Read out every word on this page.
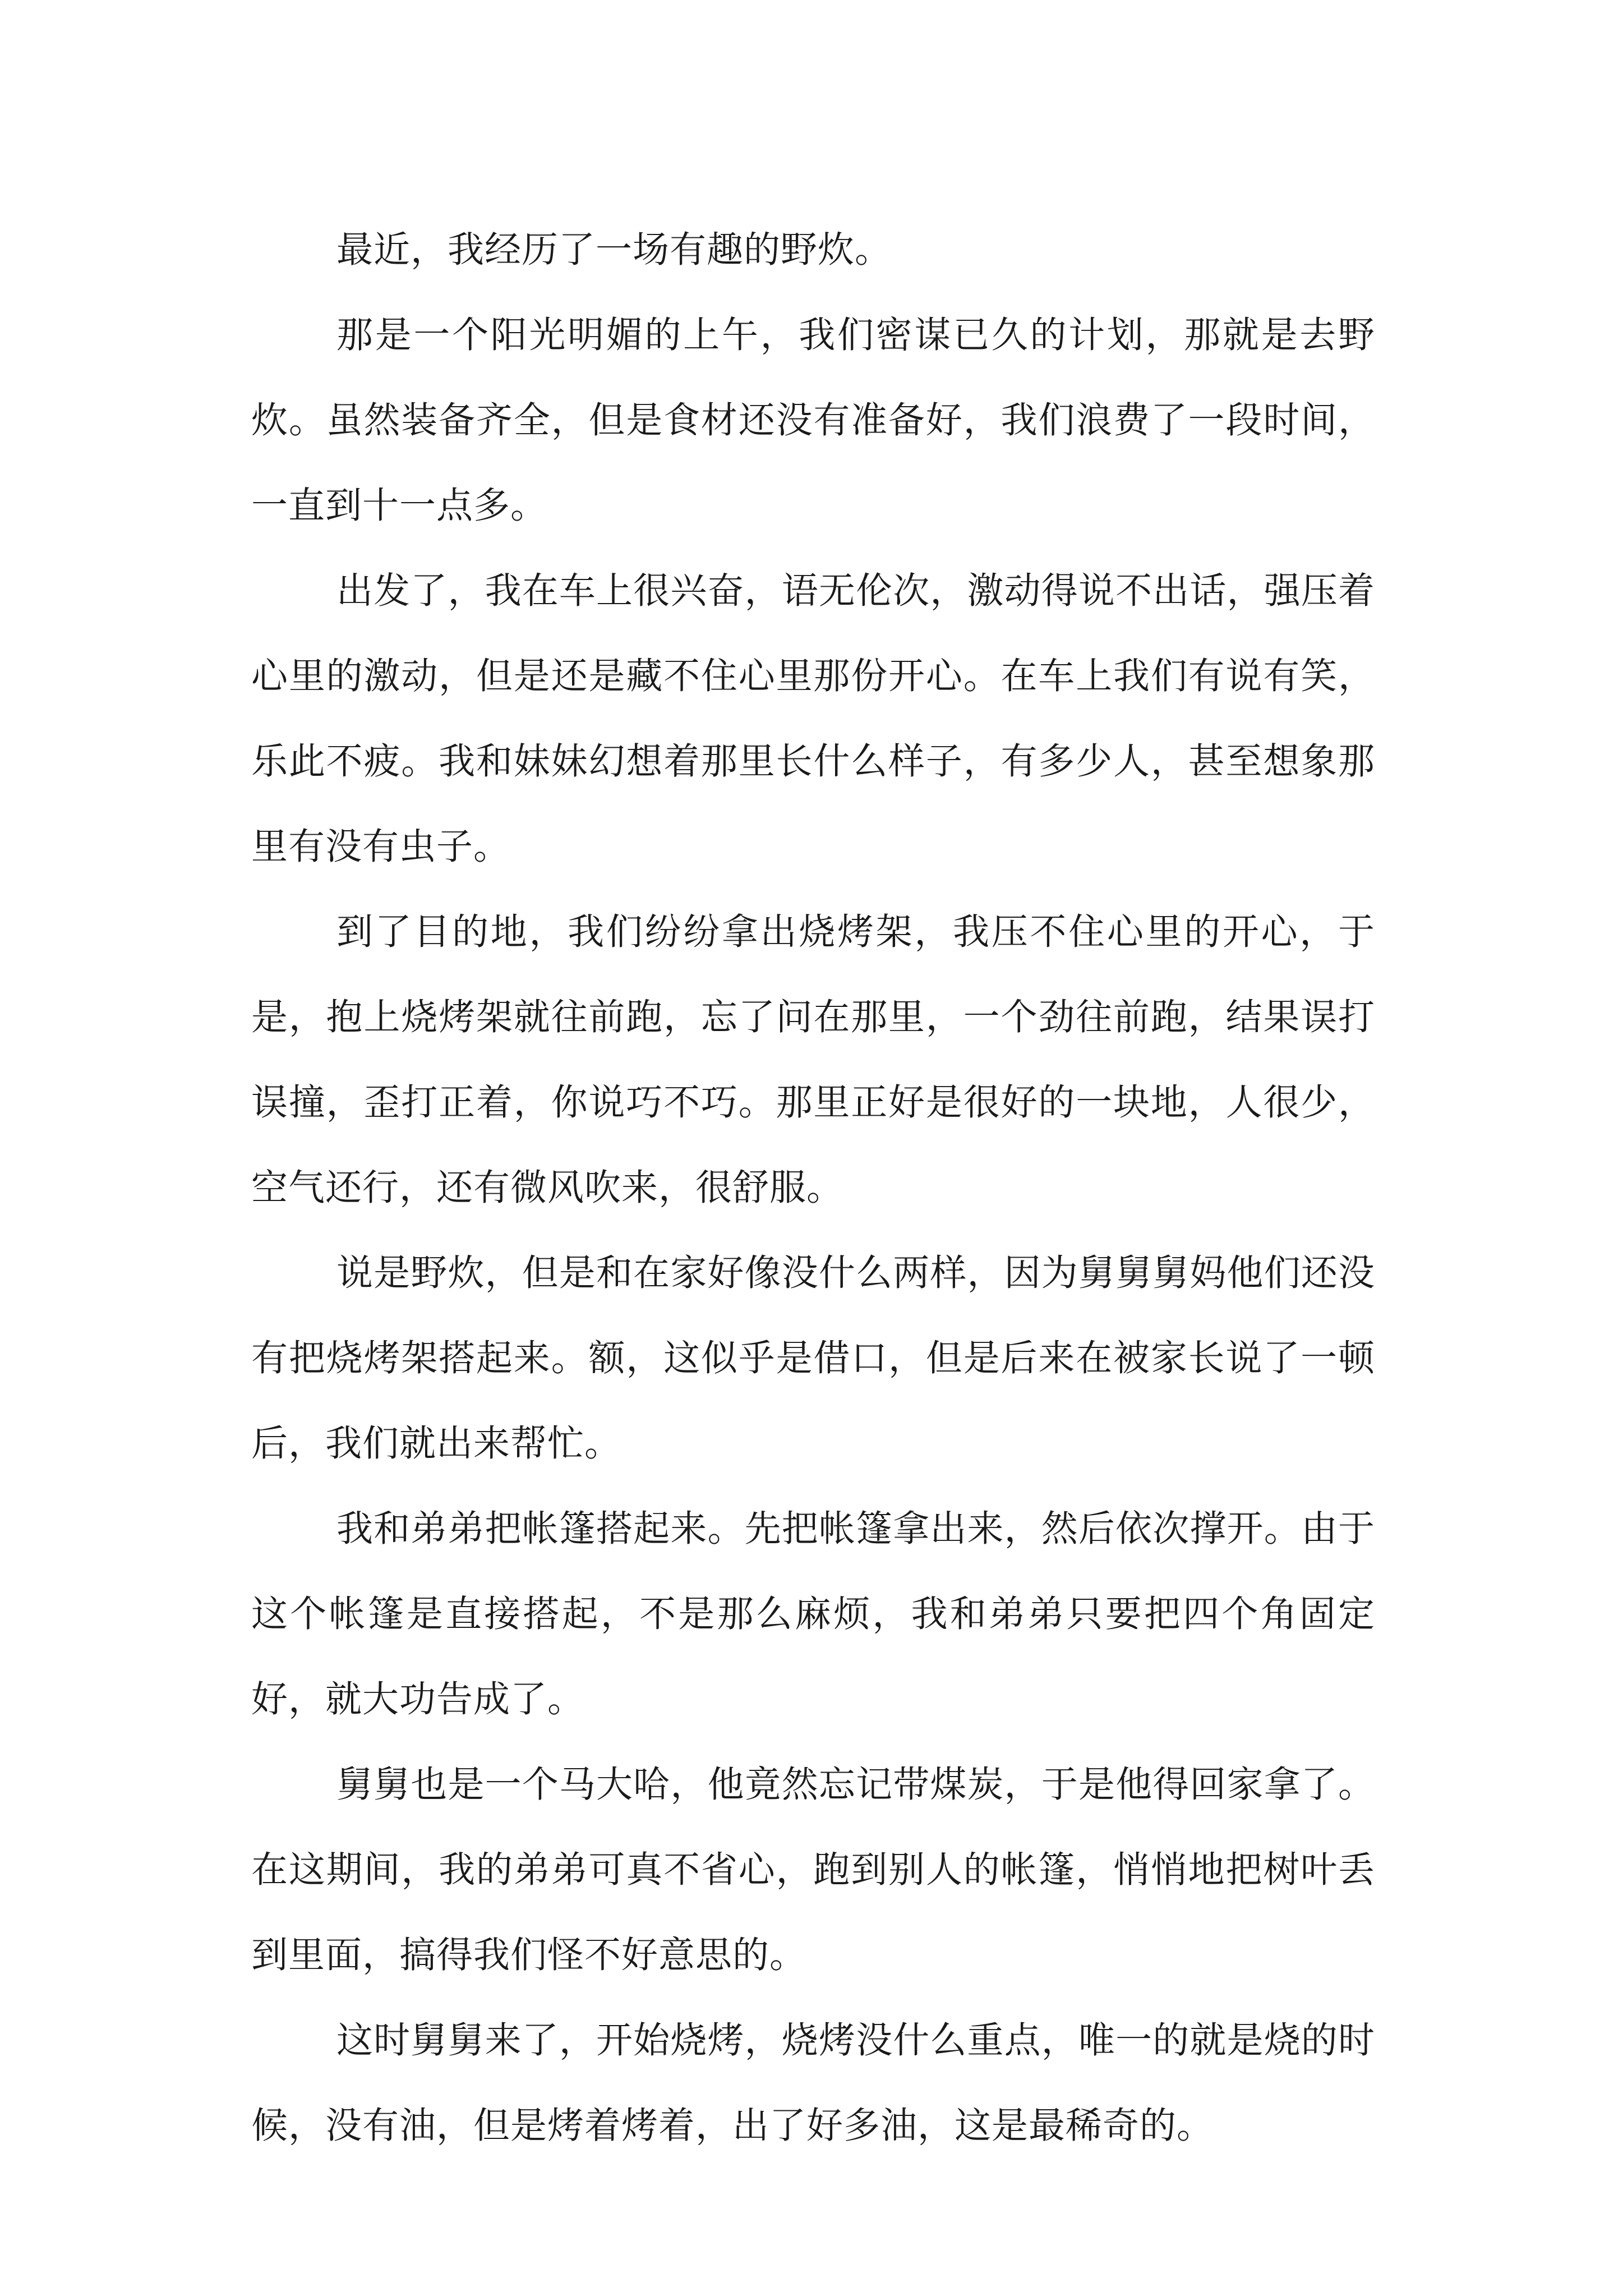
最近，我经历了一场有趣的野炊。

那是一个阳光明媚的上午，我们密谋已久的计划，那就是去野炊。虽然装备齐全，但是食材还没有准备好，我们浪费了一段时间，一直到十一点多。

出发了，我在车上很兴奋，语无伦次，激动得说不出话，强压着心里的激动，但是还是藏不住心里那份开心。在车上我们有说有笑，乐此不疲。我和妹妹幻想着那里长什么样子，有多少人，甚至想象那里有没有虫子。

到了目的地，我们纷纷拿出烧烤架，我压不住心里的开心，于是，抱上烧烤架就往前跑，忘了问在那里，一个劲往前跑，结果误打误撞，歪打正着，你说巧不巧。那里正好是很好的一块地，人很少，空气还行，还有微风吹来，很舒服。

说是野炊，但是和在家好像没什么两样，因为舅舅舅妈他们还没有把烧烤架搭起来。额，这似乎是借口，但是后来在被家长说了一顿后，我们就出来帮忙。

我和弟弟把帐篷搭起来。先把帐篷拿出来，然后依次撑开。由于这个帐篷是直接搭起，不是那么麻烦，我和弟弟只要把四个角固定好，就大功告成了。

舅舅也是一个马大哈，他竟然忘记带煤炭，于是他得回家拿了。在这期间，我的弟弟可真不省心，跑到别人的帐篷，悄悄地把树叶丢到里面，搞得我们怪不好意思的。

这时舅舅来了，开始烧烤，烧烤没什么重点，唯一的就是烧的时候，没有油，但是烤着烤着，出了好多油，这是最稀奇的。
